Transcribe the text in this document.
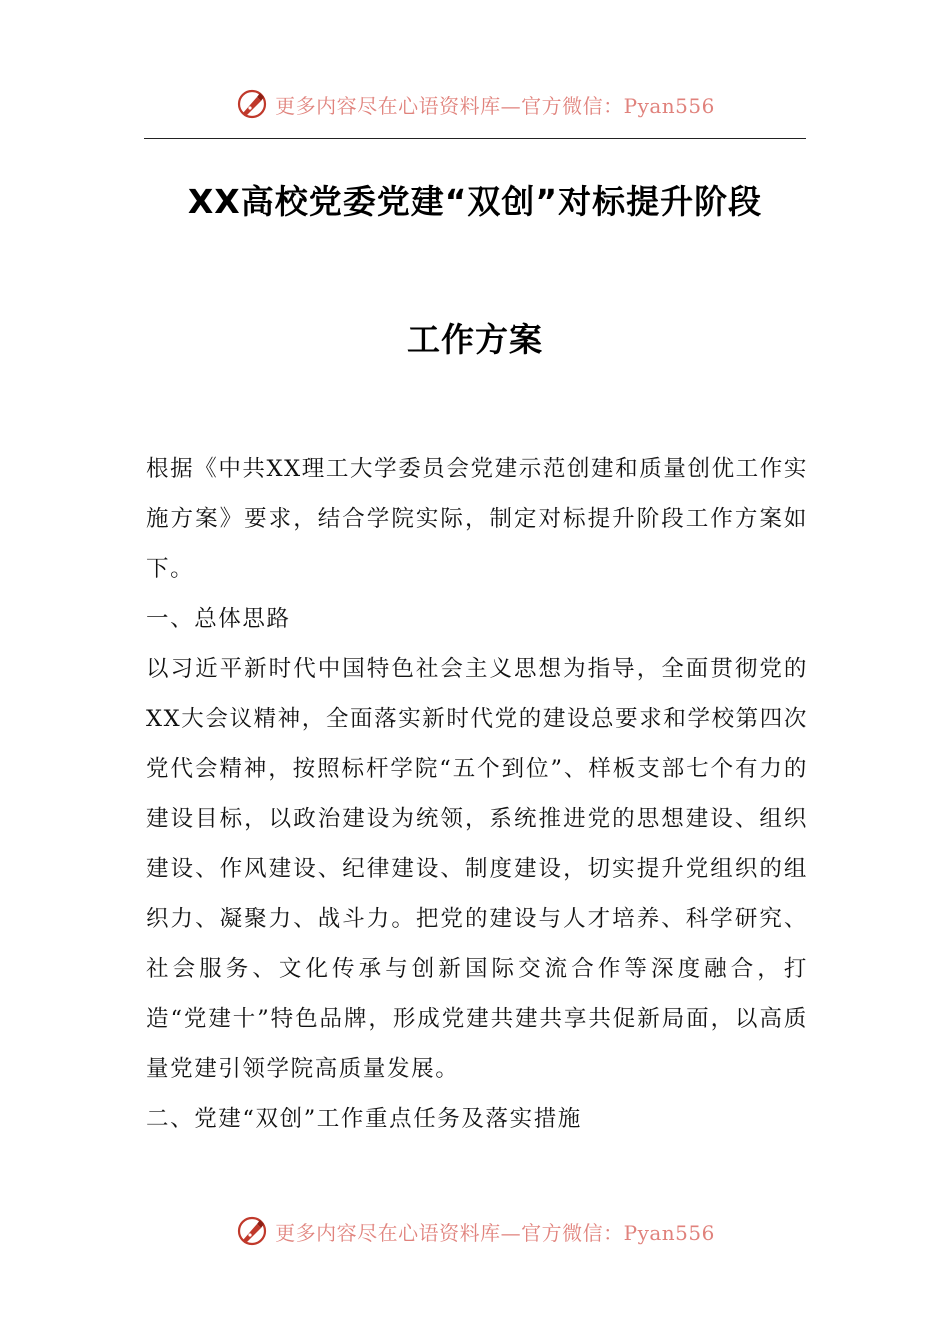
更多内容尽在心语资料库—官方微信：Pyan556
XX高校党委党建“双创”对标提升阶段
工作方案

根据《中共XX理工大学委员会党建示范创建和质量创优工作实施方案》要求，结合学院实际，制定对标提升阶段工作方案如下。

一、总体思路

以习近平新时代中国特色社会主义思想为指导，全面贯彻党的XX大会议精神，全面落实新时代党的建设总要求和学校第四次党代会精神，按照标杆学院“五个到位”、样板支部七个有力的建设目标，以政治建设为统领，系统推进党的思想建设、组织建设、作风建设、纪律建设、制度建设，切实提升党组织的组织力、凝聚力、战斗力。把党的建设与人才培养、科学研究、社会服务、文化传承与创新国际交流合作等深度融合，打造“党建十”特色品牌，形成党建共建共享共促新局面，以高质量党建引领学院高质量发展。

二、党建“双创”工作重点任务及落实措施

更多内容尽在心语资料库—官方微信：Pyan556
